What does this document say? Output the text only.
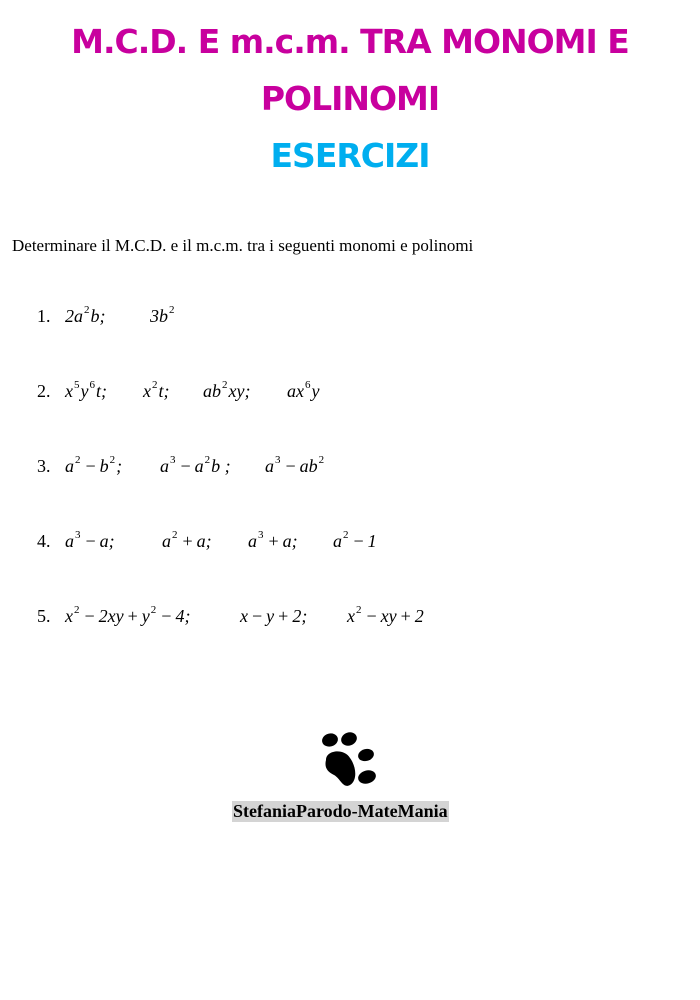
M.C.D. E m.c.m. TRA MONOMI E
POLINOMI
ESERCIZI
Determinare il M.C.D. e il m.c.m. tra i seguenti monomi e polinomi
1. $2a^2b$; $3b^2$
2. $x^5y^6t$; $x^2t$; $ab^2xy$; $ax^6y$
3. $a^2 - b^2$; $a^3 - a^2b$ ; $a^3 - ab^2$
4. $a^3 - a$;	$a^2 + a$; $a^3 + a$; $a^2 - 1$
5. $x^2 - 2xy + y^2 - 4$;	x − y + 2; $x^2$ − xy + 2
StefaniaParodo-MateMania
